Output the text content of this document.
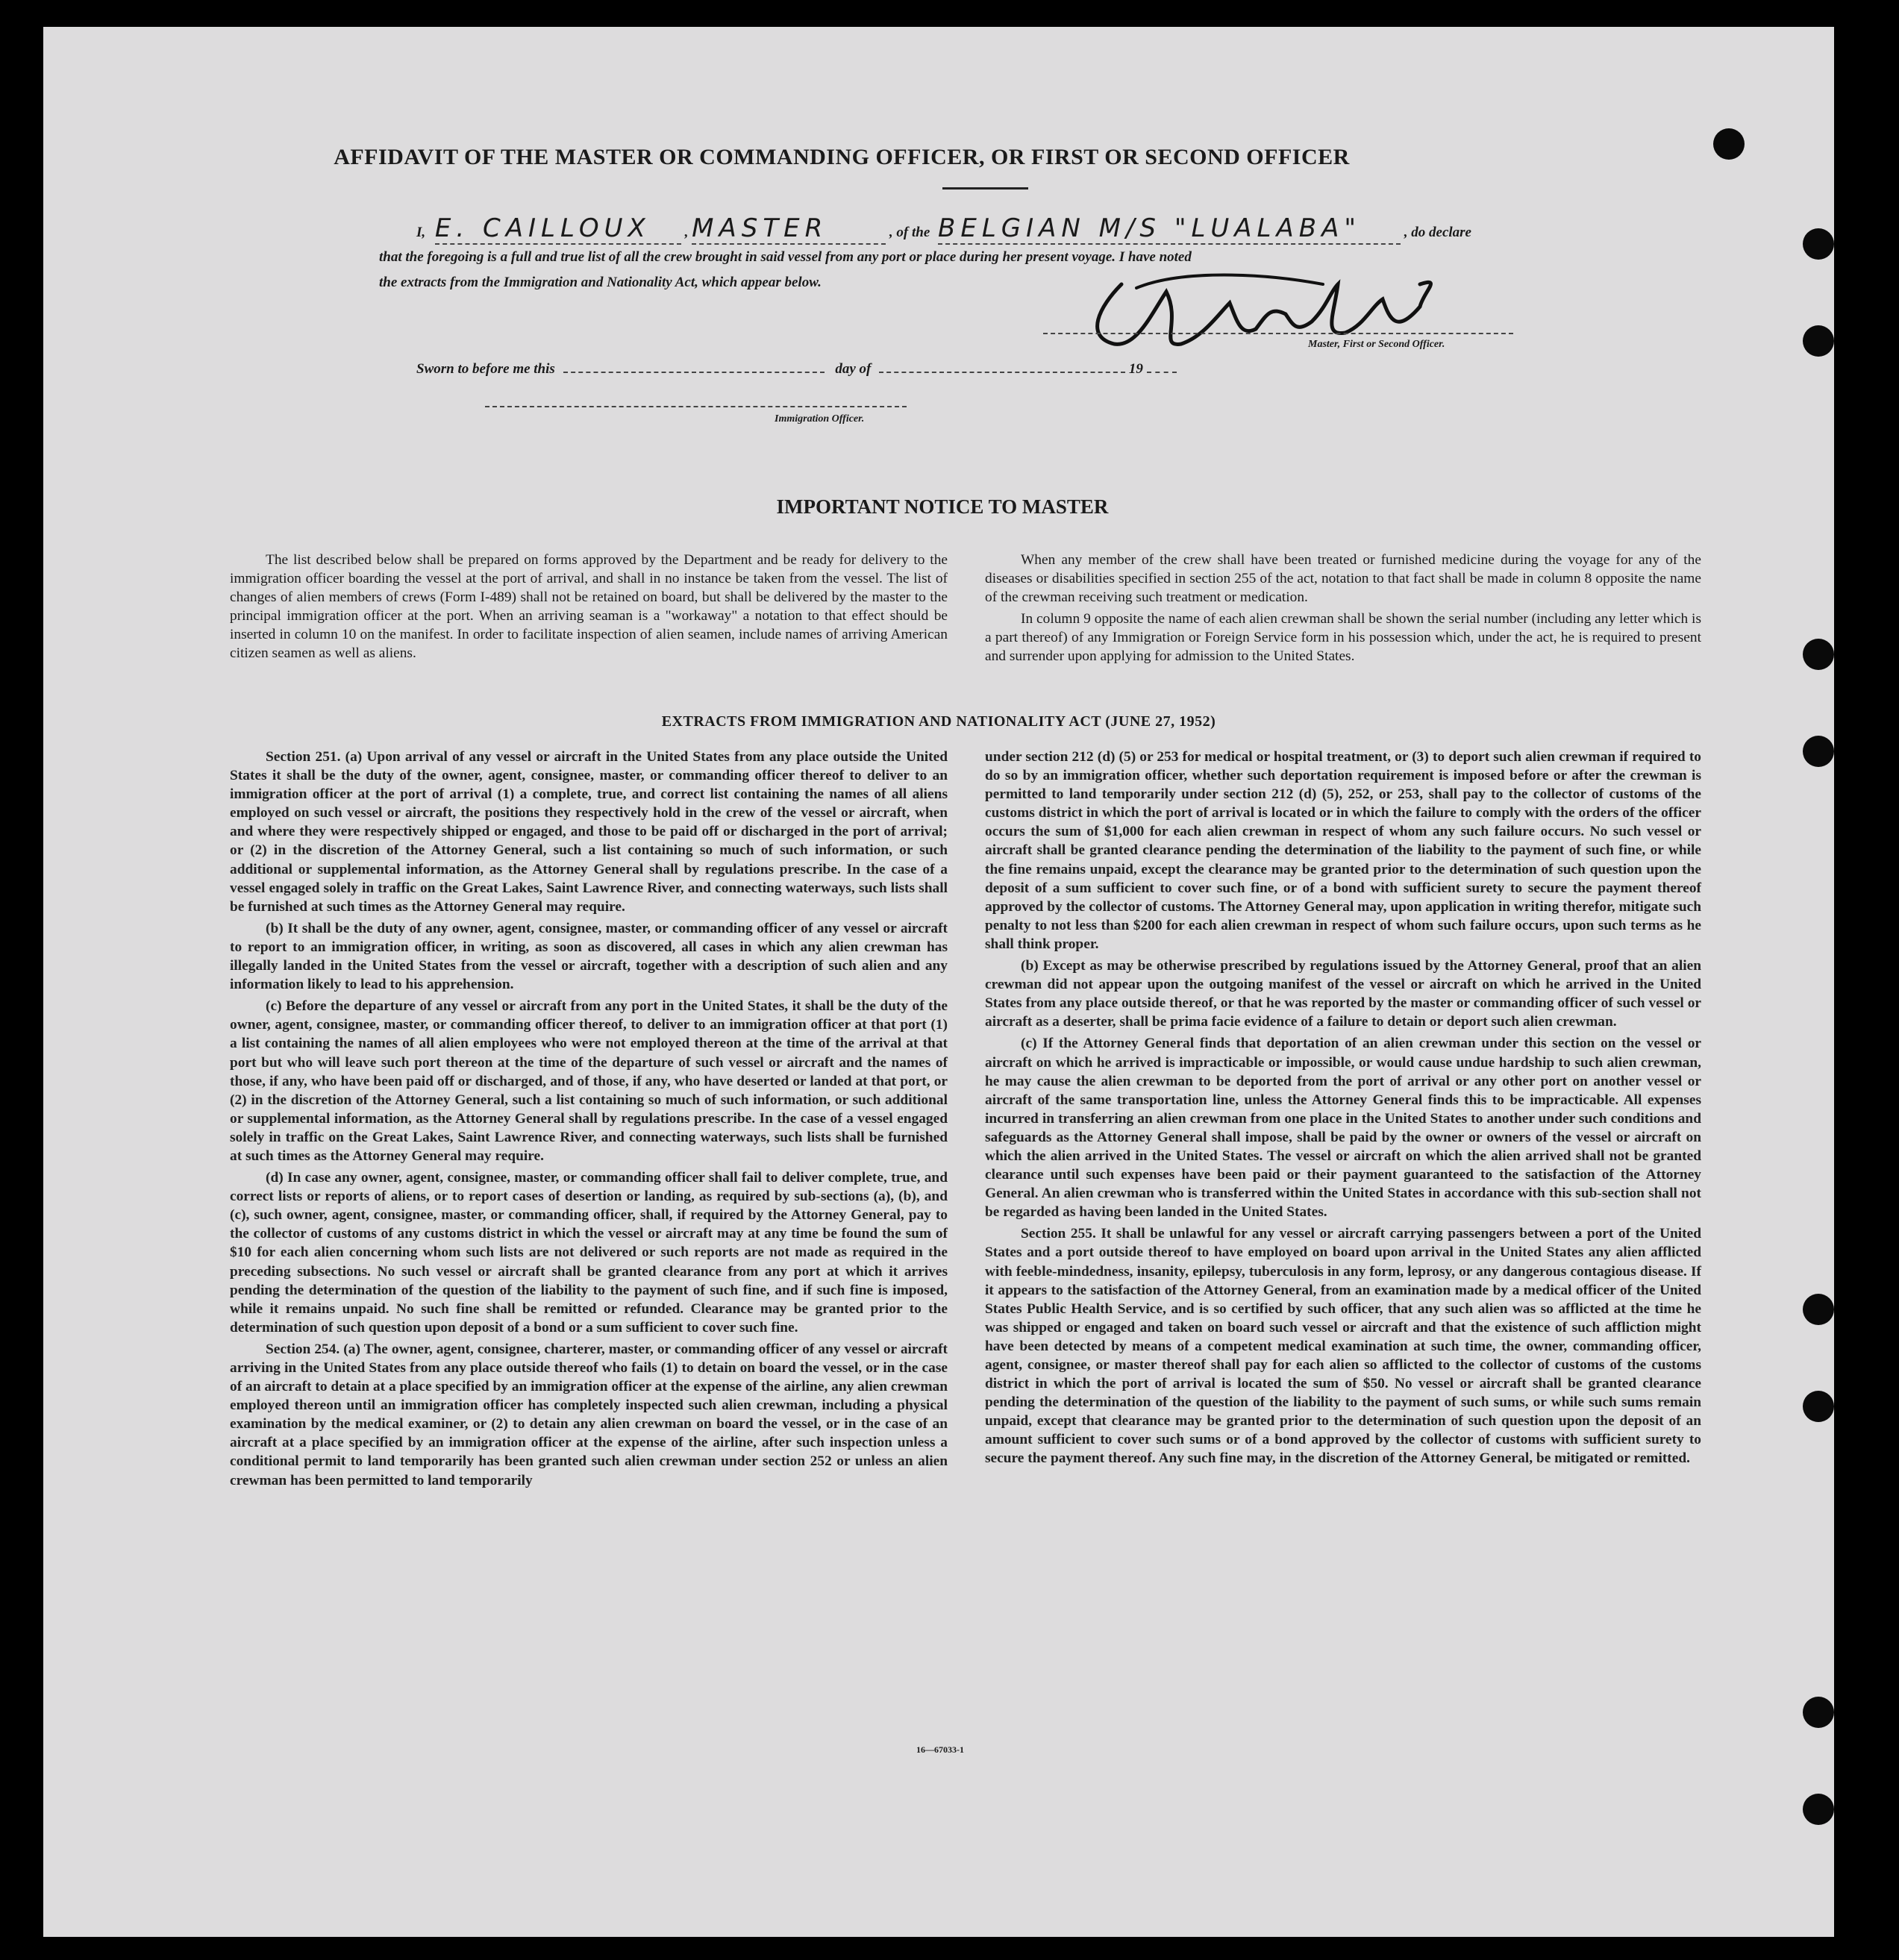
AFFIDAVIT OF THE MASTER OR COMMANDING OFFICER, OR FIRST OR SECOND OFFICER
I, E. CAILLOUX , MASTER	, of the BELGIAN M/S "LUALABA"	, do declare
that the foregoing is a full and true list of all the crew brought in said vessel from any port or place during her present voyage. I have noted
the extracts from the Immigration and Nationality Act, which appear below.
Master, First or Second Officer.
Sworn to before me this	day of	19
Immigration Officer.
IMPORTANT NOTICE TO MASTER

The list described below shall be prepared on forms approved by the Department and be ready for delivery to the immigration officer boarding the vessel at the port of arrival, and shall in no instance be taken from the vessel. The list of changes of alien members of crews (Form I-489) shall not be retained on board, but shall be delivered by the master to the principal immigration officer at the port. When an arriving seaman is a "workaway" a notation to that effect should be inserted in column 10 on the manifest. In order to facilitate inspection of alien seamen, include names of arriving American citizen seamen as well as aliens.

When any member of the crew shall have been treated or furnished medicine during the voyage for any of the diseases or disabilities specified in section 255 of the act, notation to that fact shall be made in column 8 opposite the name of the crewman receiving such treatment or medication.

In column 9 opposite the name of each alien crewman shall be shown the serial number (including any letter which is a part thereof) of any Immigration or Foreign Service form in his possession which, under the act, he is required to present and surrender upon applying for admission to the United States.

EXTRACTS FROM IMMIGRATION AND NATIONALITY ACT (JUNE 27, 1952)

Section 251. (a) Upon arrival of any vessel or aircraft in the United States from any place outside the United States it shall be the duty of the owner, agent, consignee, master, or commanding officer thereof to deliver to an immigration officer at the port of arrival (1) a complete, true, and correct list containing the names of all aliens employed on such vessel or aircraft, the positions they respectively hold in the crew of the vessel or aircraft, when and where they were respectively shipped or engaged, and those to be paid off or discharged in the port of arrival; or (2) in the discretion of the Attorney General, such a list containing so much of such information, or such additional or supplemental information, as the Attorney General shall by regulations prescribe. In the case of a vessel engaged solely in traffic on the Great Lakes, Saint Lawrence River, and connecting waterways, such lists shall be furnished at such times as the Attorney General may require.

(b) It shall be the duty of any owner, agent, consignee, master, or commanding officer of any vessel or aircraft to report to an immigration officer, in writing, as soon as discovered, all cases in which any alien crewman has illegally landed in the United States from the vessel or aircraft, together with a description of such alien and any information likely to lead to his apprehension.

(c) Before the departure of any vessel or aircraft from any port in the United States, it shall be the duty of the owner, agent, consignee, master, or commanding officer thereof, to deliver to an immigration officer at that port (1) a list containing the names of all alien employees who were not employed thereon at the time of the arrival at that port but who will leave such port thereon at the time of the departure of such vessel or aircraft and the names of those, if any, who have been paid off or discharged, and of those, if any, who have deserted or landed at that port, or (2) in the discretion of the Attorney General, such a list containing so much of such information, or such additional or supplemental information, as the Attorney General shall by regulations prescribe. In the case of a vessel engaged solely in traffic on the Great Lakes, Saint Lawrence River, and connecting waterways, such lists shall be furnished at such times as the Attorney General may require.

(d) In case any owner, agent, consignee, master, or commanding officer shall fail to deliver complete, true, and correct lists or reports of aliens, or to report cases of desertion or landing, as required by sub-sections (a), (b), and (c), such owner, agent, consignee, master, or commanding officer, shall, if required by the Attorney General, pay to the collector of customs of any customs district in which the vessel or aircraft may at any time be found the sum of $10 for each alien concerning whom such lists are not delivered or such reports are not made as required in the preceding subsections. No such vessel or aircraft shall be granted clearance from any port at which it arrives pending the determination of the question of the liability to the payment of such fine, and if such fine is imposed, while it remains unpaid. No such fine shall be remitted or refunded. Clearance may be granted prior to the determination of such question upon deposit of a bond or a sum sufficient to cover such fine.

Section 254. (a) The owner, agent, consignee, charterer, master, or commanding officer of any vessel or aircraft arriving in the United States from any place outside thereof who fails (1) to detain on board the vessel, or in the case of an aircraft to detain at a place specified by an immigration officer at the expense of the airline, any alien crewman employed thereon until an immigration officer has completely inspected such alien crewman, including a physical examination by the medical examiner, or (2) to detain any alien crewman on board the vessel, or in the case of an aircraft at a place specified by an immigration officer at the expense of the airline, after such inspection unless a conditional permit to land temporarily has been granted such alien crewman under section 252 or unless an alien crewman has been permitted to land temporarily

under section 212 (d) (5) or 253 for medical or hospital treatment, or (3) to deport such alien crewman if required to do so by an immigration officer, whether such deportation requirement is imposed before or after the crewman is permitted to land temporarily under section 212 (d) (5), 252, or 253, shall pay to the collector of customs of the customs district in which the port of arrival is located or in which the failure to comply with the orders of the officer occurs the sum of $1,000 for each alien crewman in respect of whom any such failure occurs. No such vessel or aircraft shall be granted clearance pending the determination of the liability to the payment of such fine, or while the fine remains unpaid, except the clearance may be granted prior to the determination of such question upon the deposit of a sum sufficient to cover such fine, or of a bond with sufficient surety to secure the payment thereof approved by the collector of customs. The Attorney General may, upon application in writing therefor, mitigate such penalty to not less than $200 for each alien crewman in respect of whom such failure occurs, upon such terms as he shall think proper.

(b) Except as may be otherwise prescribed by regulations issued by the Attorney General, proof that an alien crewman did not appear upon the outgoing manifest of the vessel or aircraft on which he arrived in the United States from any place outside thereof, or that he was reported by the master or commanding officer of such vessel or aircraft as a deserter, shall be prima facie evidence of a failure to detain or deport such alien crewman.

(c) If the Attorney General finds that deportation of an alien crewman under this section on the vessel or aircraft on which he arrived is impracticable or impossible, or would cause undue hardship to such alien crewman, he may cause the alien crewman to be deported from the port of arrival or any other port on another vessel or aircraft of the same transportation line, unless the Attorney General finds this to be impracticable. All expenses incurred in transferring an alien crewman from one place in the United States to another under such conditions and safeguards as the Attorney General shall impose, shall be paid by the owner or owners of the vessel or aircraft on which the alien arrived in the United States. The vessel or aircraft on which the alien arrived shall not be granted clearance until such expenses have been paid or their payment guaranteed to the satisfaction of the Attorney General. An alien crewman who is transferred within the United States in accordance with this sub-section shall not be regarded as having been landed in the United States.

Section 255. It shall be unlawful for any vessel or aircraft carrying passengers between a port of the United States and a port outside thereof to have employed on board upon arrival in the United States any alien afflicted with feeble-mindedness, insanity, epilepsy, tuberculosis in any form, leprosy, or any dangerous contagious disease. If it appears to the satisfaction of the Attorney General, from an examination made by a medical officer of the United States Public Health Service, and is so certified by such officer, that any such alien was so afflicted at the time he was shipped or engaged and taken on board such vessel or aircraft and that the existence of such affliction might have been detected by means of a competent medical examination at such time, the owner, commanding officer, agent, consignee, or master thereof shall pay for each alien so afflicted to the collector of customs of the customs district in which the port of arrival is located the sum of $50. No vessel or aircraft shall be granted clearance pending the determination of the question of the liability to the payment of such sums, or while such sums remain unpaid, except that clearance may be granted prior to the determination of such question upon the deposit of an amount sufficient to cover such sums or of a bond approved by the collector of customs with sufficient surety to secure the payment thereof. Any such fine may, in the discretion of the Attorney General, be mitigated or remitted.

16—67033-1
